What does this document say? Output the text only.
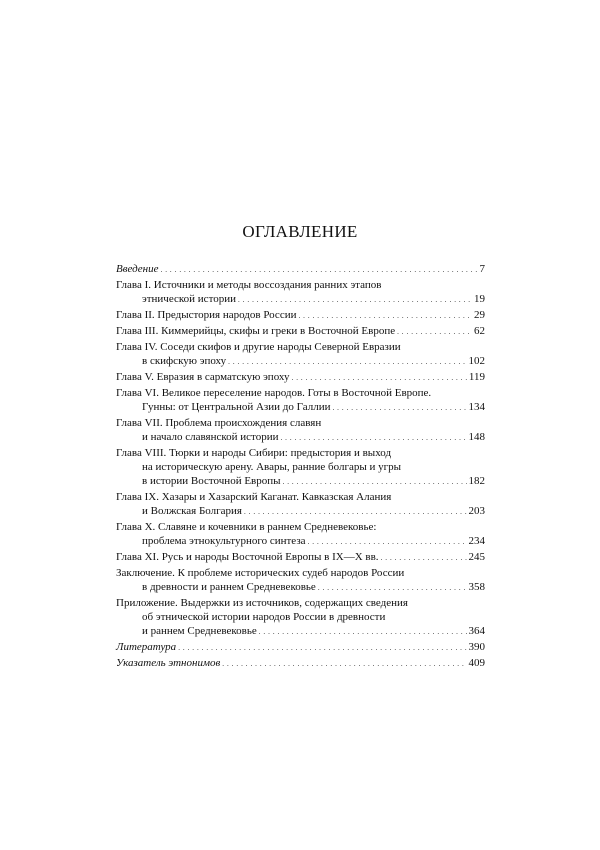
ОГЛАВЛЕНИЕ
Введение . . .	7
Глава I. Источники и методы воссоздания ранних этапов
этнической истории . . .	19
Глава II. Предыстория народов России . . .	29
Глава III. Киммерийцы, скифы и греки в Восточной Европе . . .	62
Глава IV. Соседи скифов и другие народы Северной Евразии
в скифскую эпоху . . .	102
Глава V. Евразия в сарматскую эпоху . . .	119
Глава VI. Великое переселение народов. Готы в Восточной Европе.
Гунны: от Центральной Азии до Галлии . . .	134
Глава VII. Проблема происхождения славян
и начало славянской истории . . .	148
Глава VIII. Тюрки и народы Сибири: предыстория и выход
на историческую арену. Авары, ранние болгары и угры
в истории Восточной Европы . . .	182
Глава IX. Хазары и Хазарский Каганат. Кавказская Алания
и Волжская Болгария . . .	203
Глава X. Славяне и кочевники в раннем Средневековье:
проблема этнокультурного синтеза . . .	234
Глава XI. Русь и народы Восточной Европы в IX—X вв. . . .	245
Заключение. К проблеме исторических судеб народов России
в древности и раннем Средневековье . . .	358
Приложение. Выдержки из источников, содержащих сведения
об этнической истории народов России в древности
и раннем Средневековье . . .	364
Литература . . .	390
Указатель этнонимов . . .	409
